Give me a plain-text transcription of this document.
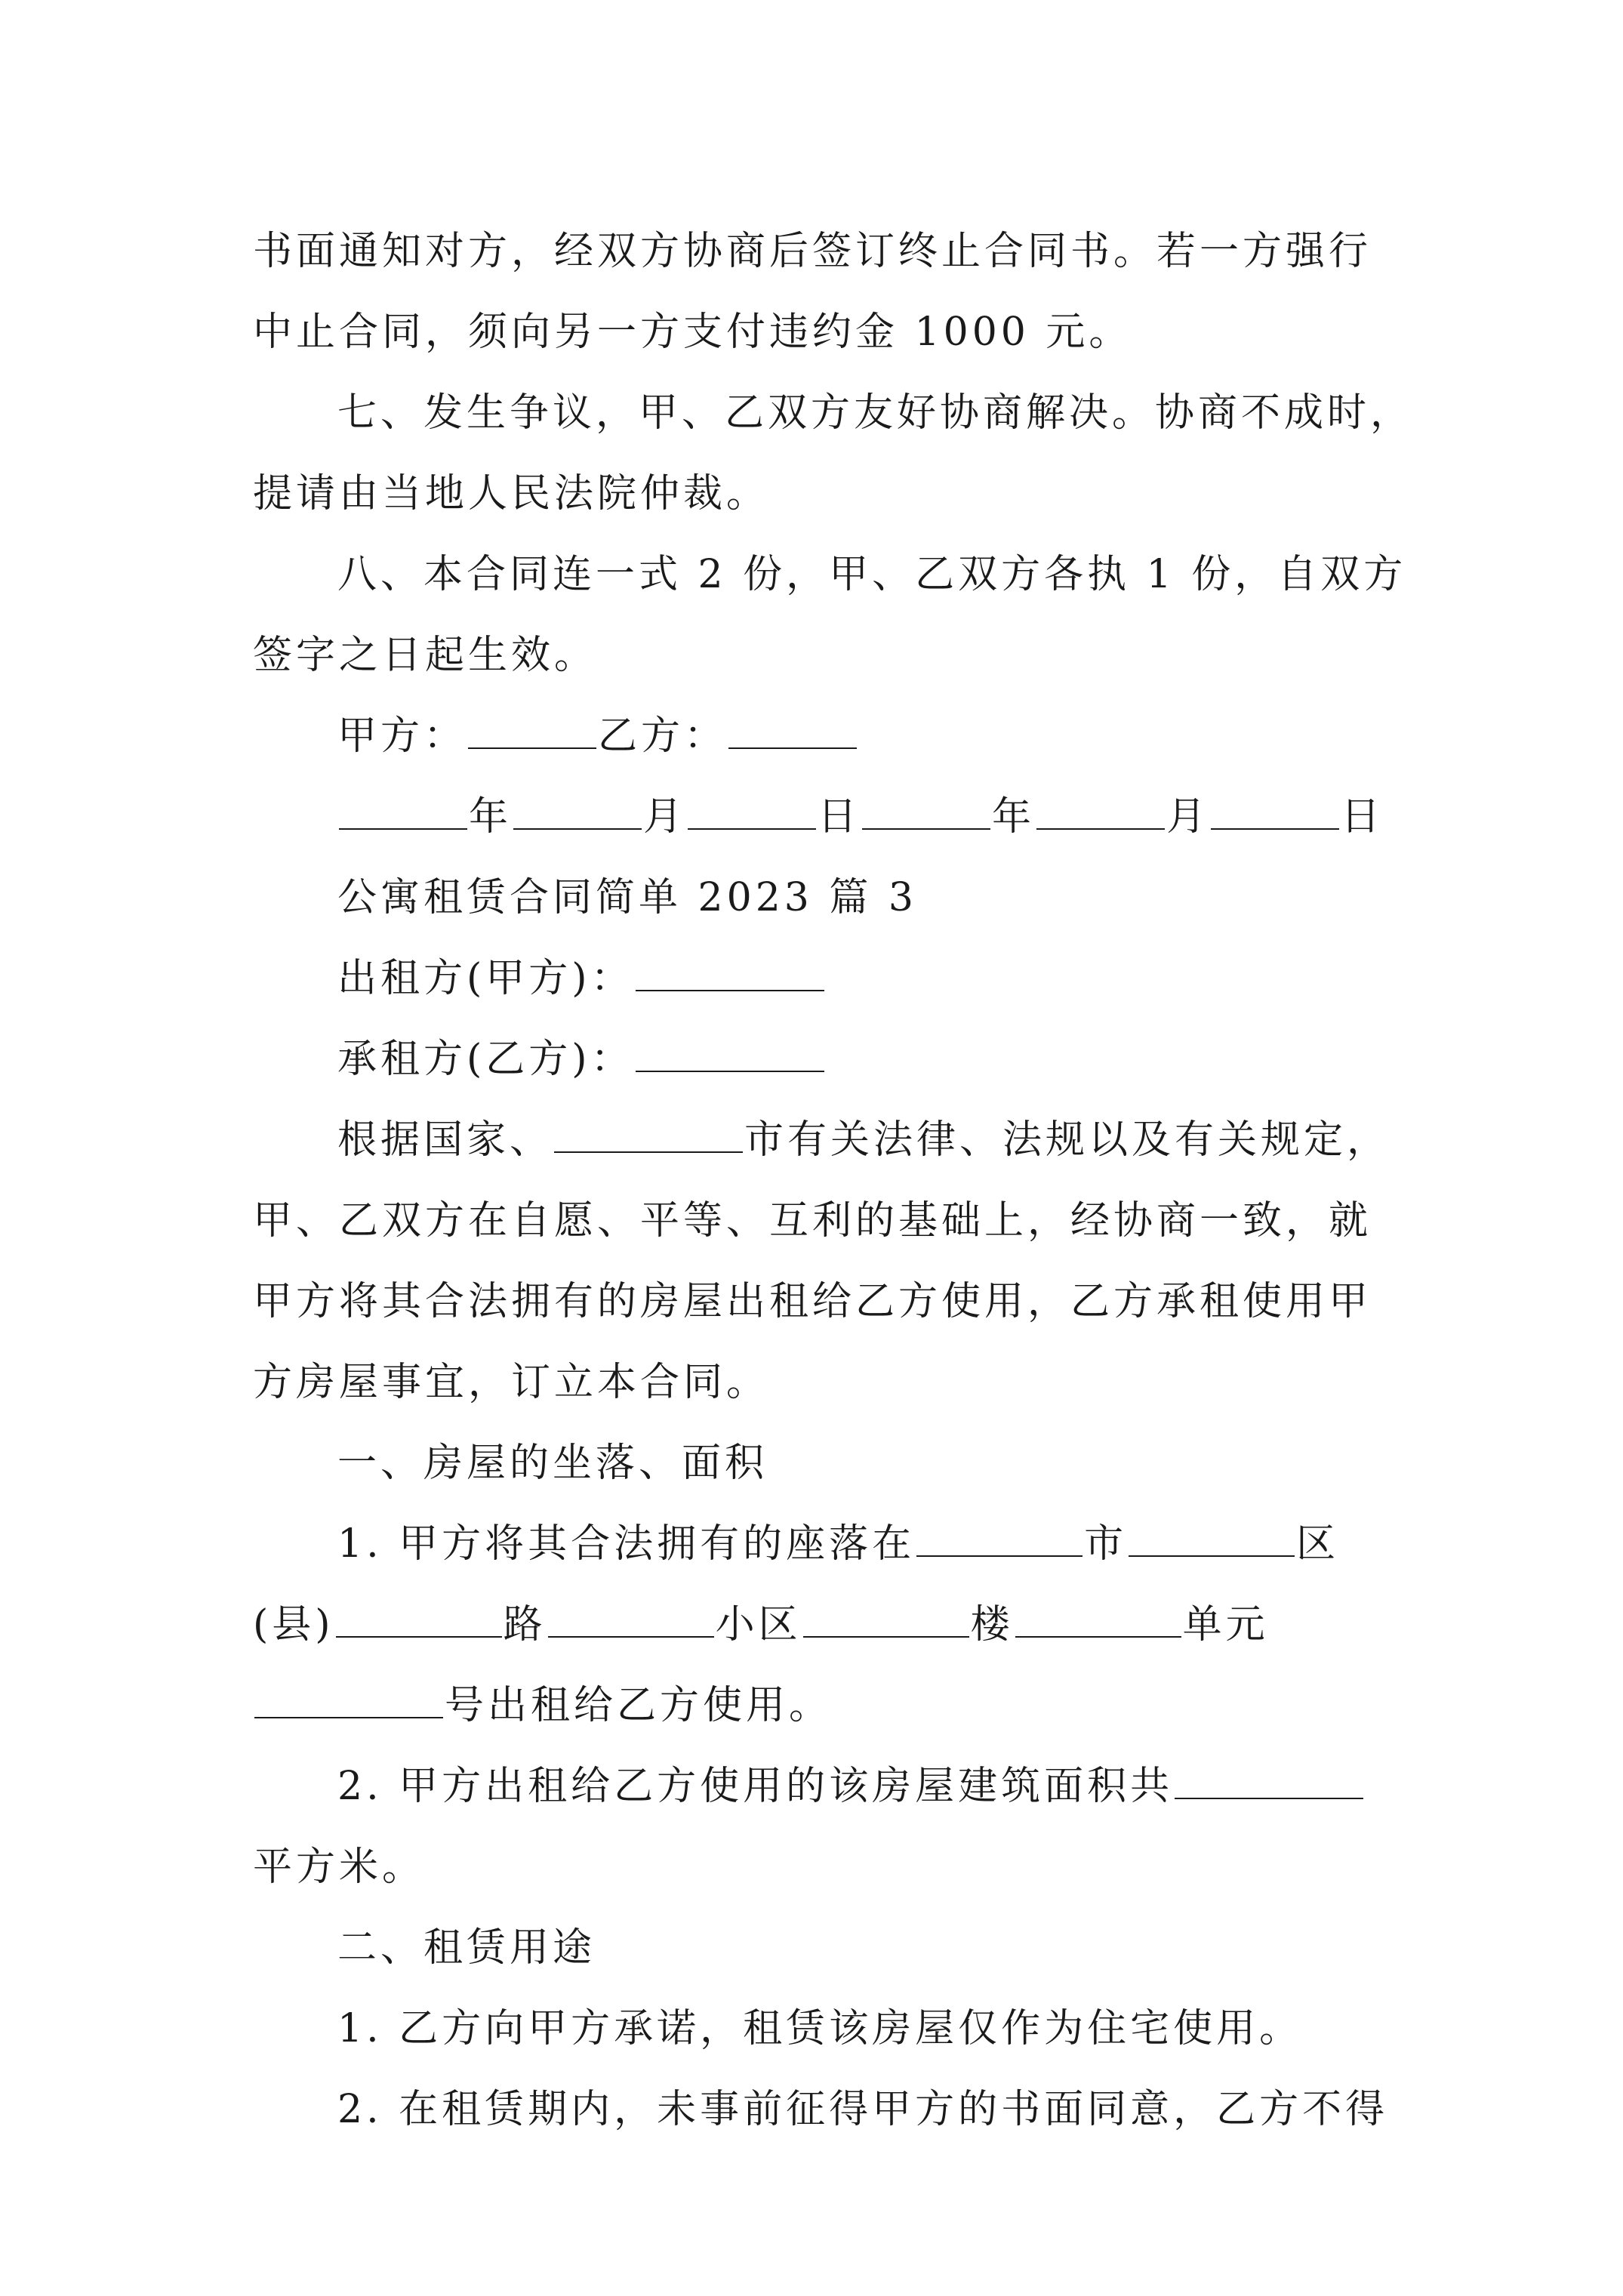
书面通知对方，经双方协商后签订终止合同书。若一方强行
中止合同，须向另一方支付违约金 1000 元。
七、发生争议，甲、乙双方友好协商解决。协商不成时，
提请由当地人民法院仲裁。
八、本合同连一式 2 份，甲、乙双方各执 1 份，自双方
签字之日起生效。
甲方：	乙方：
年	月	日	年	月	日
公寓租赁合同简单 2023 篇 3
出租方(甲方)：
承租方(乙方)：
根据国家、	市有关法律、法规以及有关规定，
甲、乙双方在自愿、平等、互利的基础上，经协商一致，就
甲方将其合法拥有的房屋出租给乙方使用，乙方承租使用甲
方房屋事宜，订立本合同。
一、房屋的坐落、面积
1. 甲方将其合法拥有的座落在	市	区
(县)	路	小区	楼	单元
号出租给乙方使用。
2. 甲方出租给乙方使用的该房屋建筑面积共
平方米。
二、租赁用途
1. 乙方向甲方承诺，租赁该房屋仅作为住宅使用。
2. 在租赁期内，未事前征得甲方的书面同意，乙方不得
